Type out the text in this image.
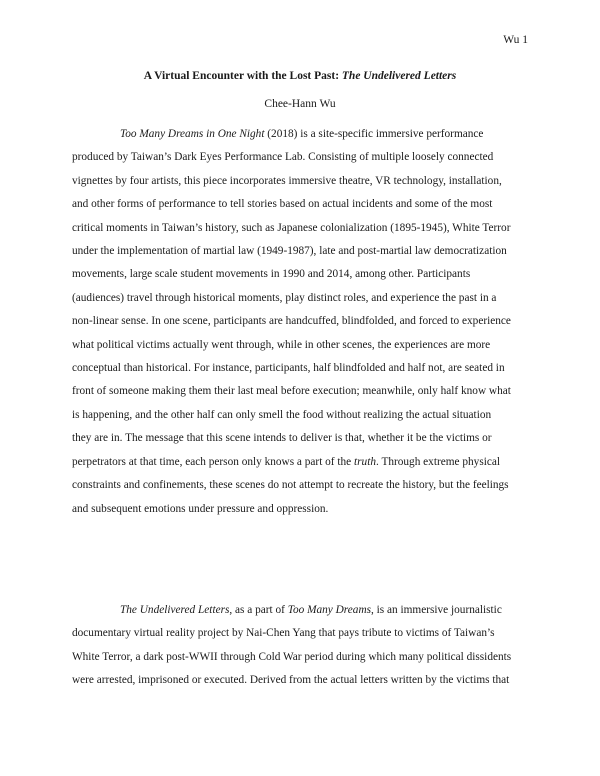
Wu 1
A Virtual Encounter with the Lost Past: The Undelivered Letters
Chee-Hann Wu

Too Many Dreams in One Night (2018) is a site-specific immersive performance

produced by Taiwan’s Dark Eyes Performance Lab. Consisting of multiple loosely connected
vignettes by four artists, this piece incorporates immersive theatre, VR technology, installation,
and other forms of performance to tell stories based on actual incidents and some of the most
critical moments in Taiwan’s history, such as Japanese colonialization (1895-1945), White Terror
under the implementation of martial law (1949-1987), late and post-martial law democratization
movements, large scale student movements in 1990 and 2014, among other. Participants
(audiences) travel through historical moments, play distinct roles, and experience the past in a
non-linear sense. In one scene, participants are handcuffed, blindfolded, and forced to experience
what political victims actually went through, while in other scenes, the experiences are more
conceptual than historical. For instance, participants, half blindfolded and half not, are seated in
front of someone making them their last meal before execution; meanwhile, only half know what
is happening, and the other half can only smell the food without realizing the actual situation
they are in. The message that this scene intends to deliver is that, whether it be the victims or
perpetrators at that time, each person only knows a part of the truth. Through extreme physical
constraints and confinements, these scenes do not attempt to recreate the history, but the feelings
and subsequent emotions under pressure and oppression.

The Undelivered Letters, as a part of Too Many Dreams, is an immersive journalistic

documentary virtual reality project by Nai-Chen Yang that pays tribute to victims of Taiwan’s
White Terror, a dark post-WWII through Cold War period during which many political dissidents
were arrested, imprisoned or executed. Derived from the actual letters written by the victims that
